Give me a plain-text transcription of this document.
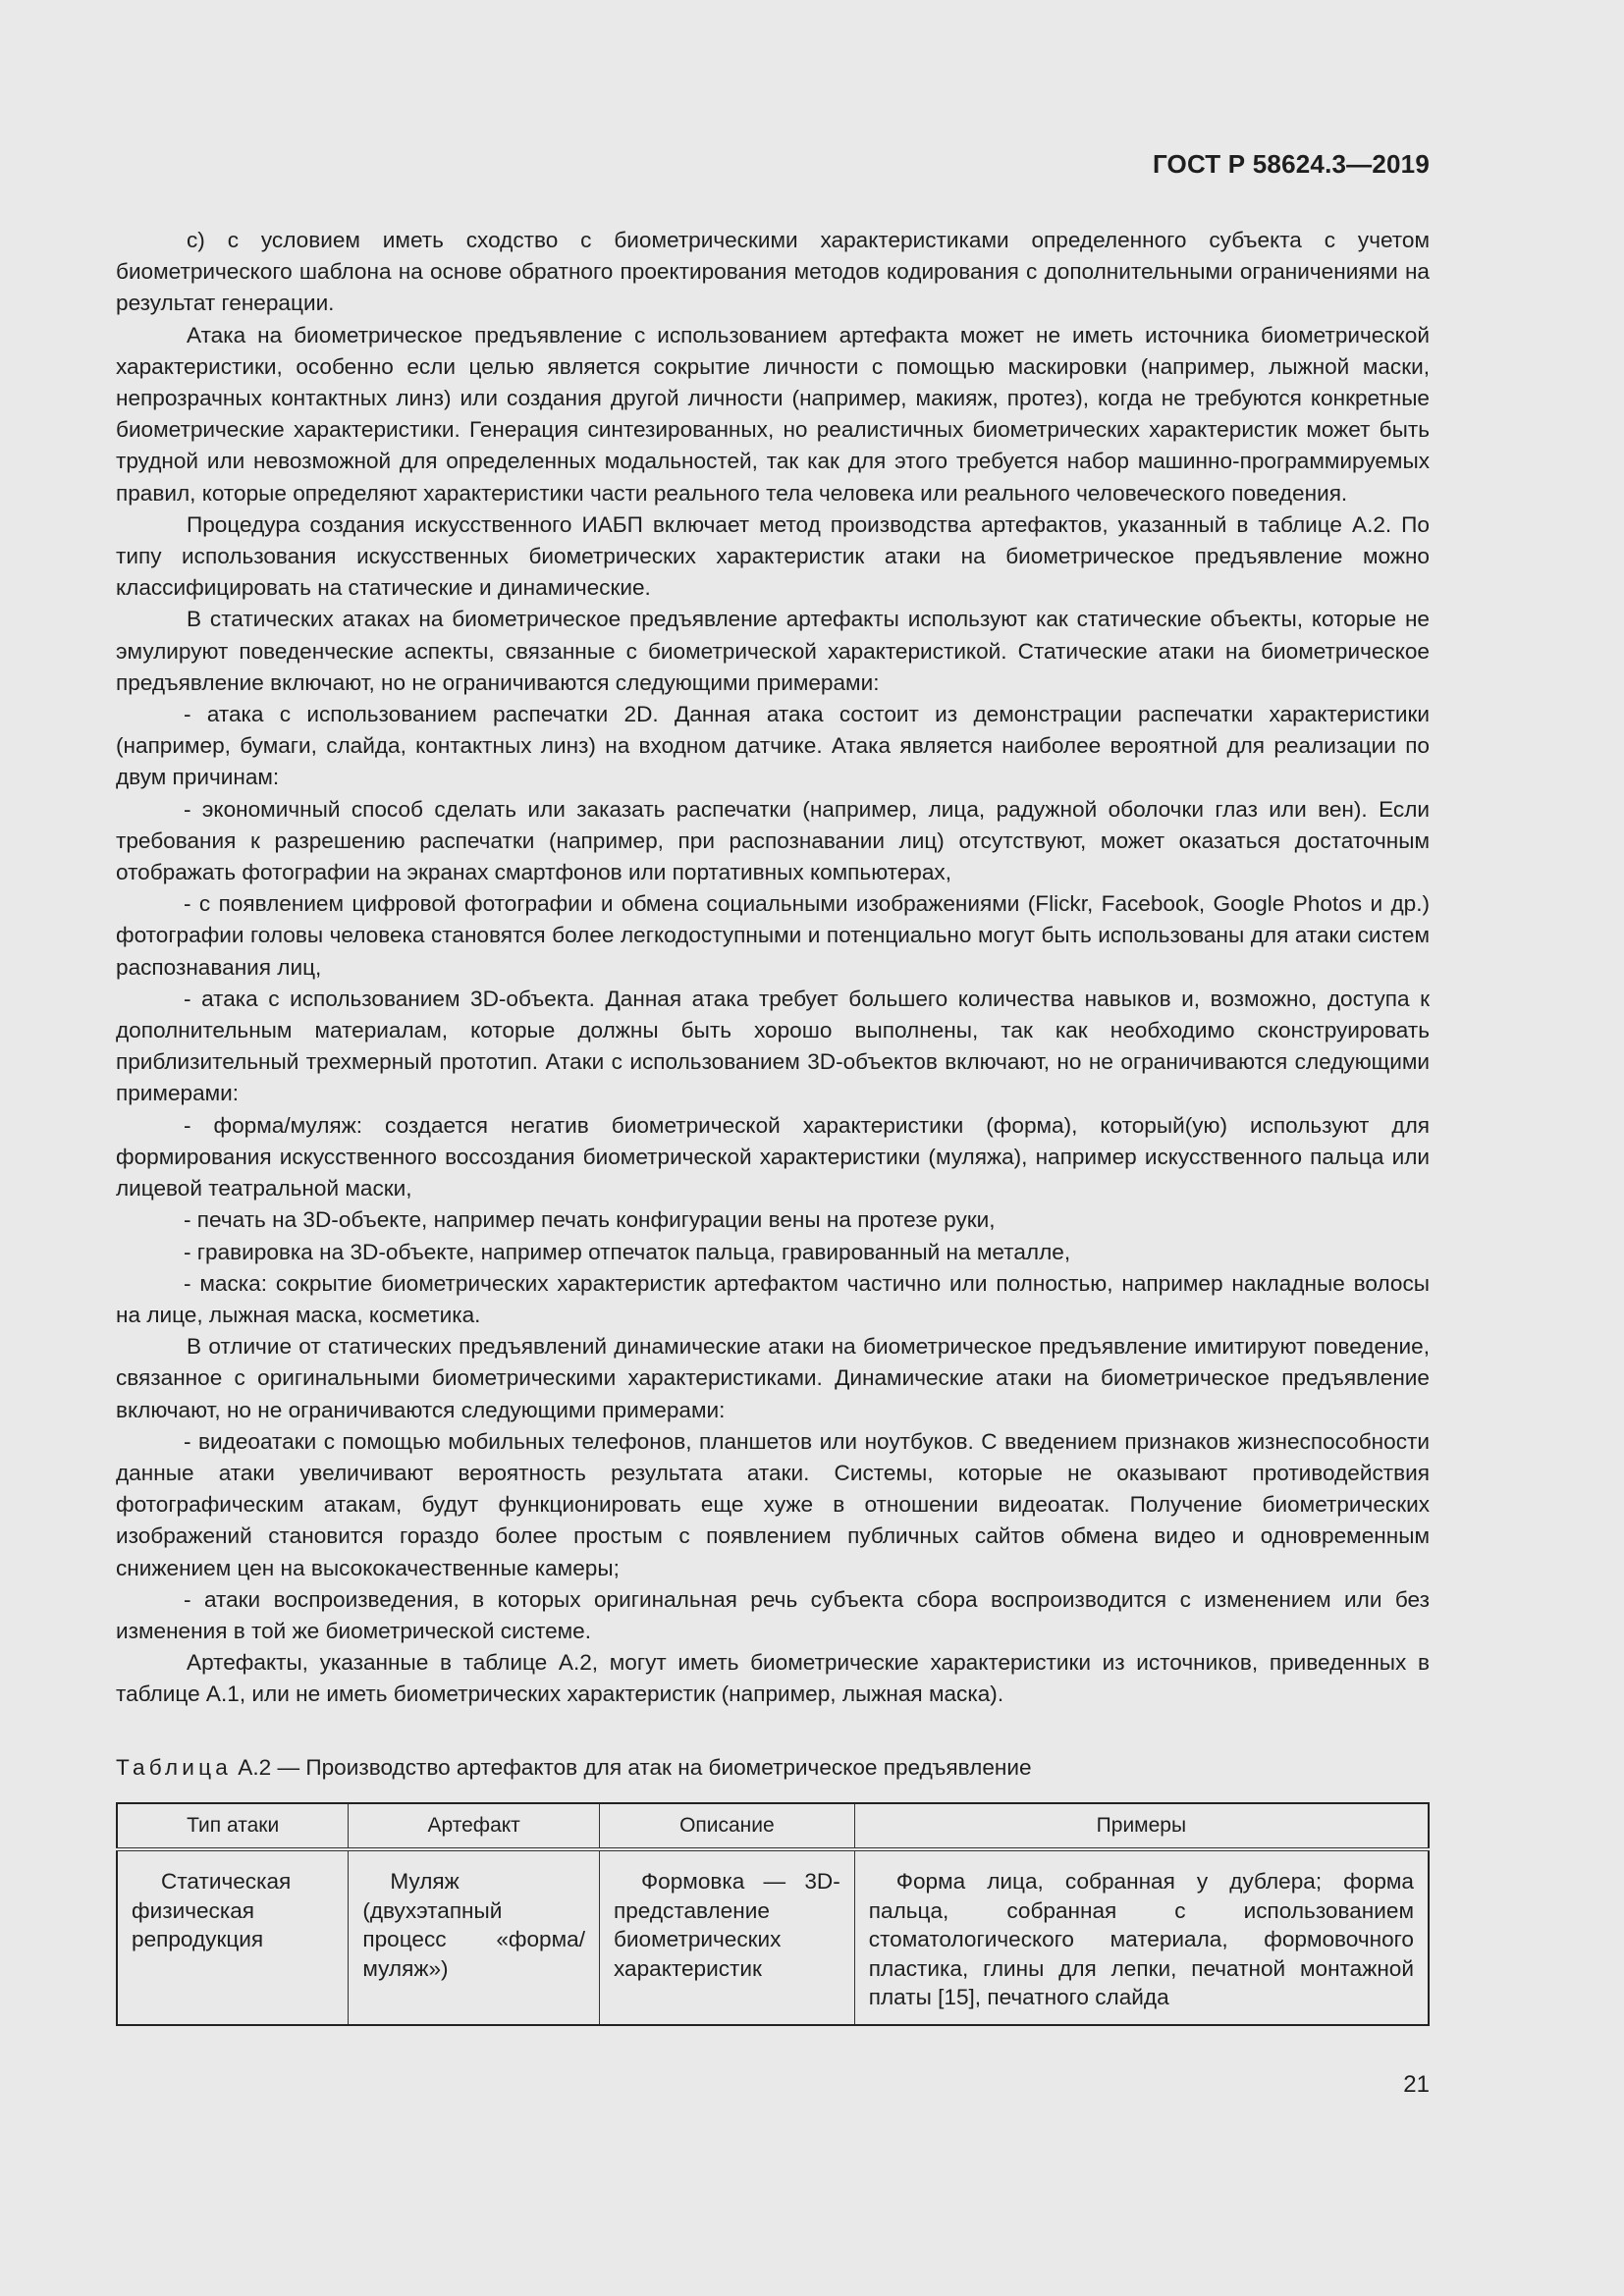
ГОСТ Р 58624.3—2019

с) с условием иметь сходство с биометрическими характеристиками определенного субъекта с учетом биометрического шаблона на основе обратного проектирования методов кодирования с дополнительными ограничениями на результат генерации.

Атака на биометрическое предъявление с использованием артефакта может не иметь источника биометрической характеристики, особенно если целью является сокрытие личности с помощью маскировки (например, лыжной маски, непрозрачных контактных линз) или создания другой личности (например, макияж, протез), когда не требуются конкретные биометрические характеристики. Генерация синтезированных, но реалистичных биометрических характеристик может быть трудной или невозможной для определенных модальностей, так как для этого требуется набор машинно-программируемых правил, которые определяют характеристики части реального тела человека или реального человеческого поведения.

Процедура создания искусственного ИАБП включает метод производства артефактов, указанный в таблице А.2. По типу использования искусственных биометрических характеристик атаки на биометрическое предъявление можно классифицировать на статические и динамические.

В статических атаках на биометрическое предъявление артефакты используют как статические объекты, которые не эмулируют поведенческие аспекты, связанные с биометрической характеристикой. Статические атаки на биометрическое предъявление включают, но не ограничиваются следующими примерами:

- атака с использованием распечатки 2D. Данная атака состоит из демонстрации распечатки характеристики (например, бумаги, слайда, контактных линз) на входном датчике. Атака является наиболее вероятной для реализации по двум причинам:

- экономичный способ сделать или заказать распечатки (например, лица, радужной оболочки глаз или вен). Если требования к разрешению распечатки (например, при распознавании лиц) отсутствуют, может оказаться достаточным отображать фотографии на экранах смартфонов или портативных компьютерах,

- с появлением цифровой фотографии и обмена социальными изображениями (Flickr, Facebook, Google Photos и др.) фотографии головы человека становятся более легкодоступными и потенциально могут быть использованы для атаки систем распознавания лиц,

- атака с использованием 3D-объекта. Данная атака требует большего количества навыков и, возможно, доступа к дополнительным материалам, которые должны быть хорошо выполнены, так как необходимо сконструировать приблизительный трехмерный прототип. Атаки с использованием 3D-объектов включают, но не ограничиваются следующими примерами:

- форма/муляж: создается негатив биометрической характеристики (форма), который(ую) используют для формирования искусственного воссоздания биометрической характеристики (муляжа), например искусственного пальца или лицевой театральной маски,

- печать на 3D-объекте, например печать конфигурации вены на протезе руки,

- гравировка на 3D-объекте, например отпечаток пальца, гравированный на металле,

- маска: сокрытие биометрических характеристик артефактом частично или полностью, например накладные волосы на лице, лыжная маска, косметика.

В отличие от статических предъявлений динамические атаки на биометрическое предъявление имитируют поведение, связанное с оригинальными биометрическими характеристиками. Динамические атаки на биометрическое предъявление включают, но не ограничиваются следующими примерами:

- видеоатаки с помощью мобильных телефонов, планшетов или ноутбуков. С введением признаков жизнеспособности данные атаки увеличивают вероятность результата атаки. Системы, которые не оказывают противодействия фотографическим атакам, будут функционировать еще хуже в отношении видеоатак. Получение биометрических изображений становится гораздо более простым с появлением публичных сайтов обмена видео и одновременным снижением цен на высококачественные камеры;

- атаки воспроизведения, в которых оригинальная речь субъекта сбора воспроизводится с изменением или без изменения в той же биометрической системе.

Артефакты, указанные в таблице А.2, могут иметь биометрические характеристики из источников, приведенных в таблице А.1, или не иметь биометрических характеристик (например, лыжная маска).

Таблица А.2 — Производство артефактов для атак на биометрическое предъявление
Тип атаки	Артефакт	Описание	Примеры
Статическая физическая репродукция	Муляж (двухэтапный процесс «форма/муляж»)	Формовка — 3D-представление биометрических характеристик	Форма лица, собранная у дублера; форма пальца, собранная с использованием стоматологического материала, формовочного пластика, глины для лепки, печатной монтажной платы [15], печатного слайда
21
